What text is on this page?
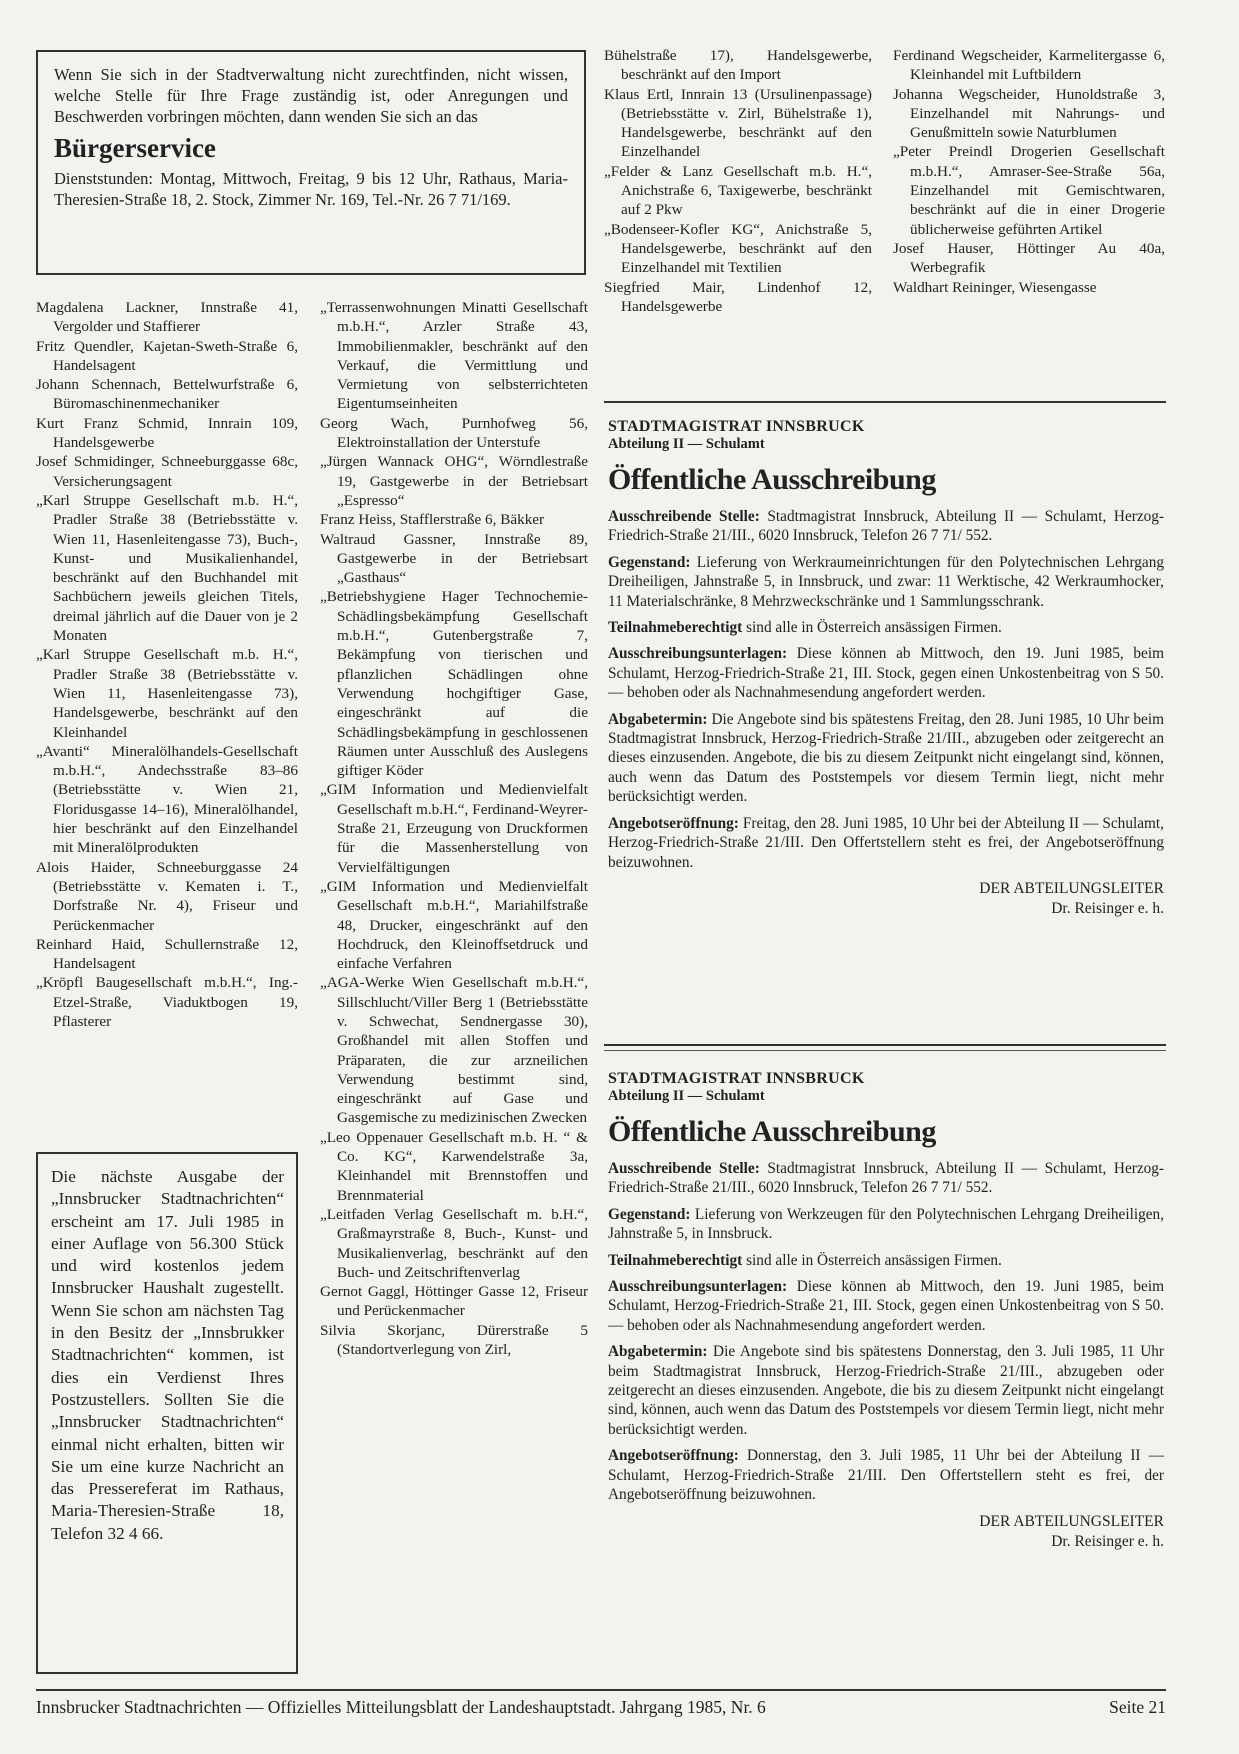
Wenn Sie sich in der Stadtverwaltung nicht zurechtfinden, nicht wissen, welche Stelle für Ihre Frage zuständig ist, oder Anregungen und Beschwerden vorbringen möchten, dann wenden Sie sich an das
Bürgerservice
Dienststunden: Montag, Mittwoch, Freitag, 9 bis 12 Uhr, Rathaus, Maria-Theresien-Straße 18, 2. Stock, Zimmer Nr. 169, Tel.-Nr. 26 7 71/169.
Magdalena Lackner, Innstraße 41, Vergolder und Staffierer
Fritz Quendler, Kajetan-Sweth-Straße 6, Handelsagent
Johann Schennach, Bettelwurfstraße 6, Büromaschinenmechaniker
Kurt Franz Schmid, Innrain 109, Handelsgewerbe
Josef Schmidinger, Schneeburggasse 68c, Versicherungsagent
„Karl Struppe Gesellschaft m.b. H.“, Pradler Straße 38 (Betriebsstätte v. Wien 11, Hasenleitengasse 73), Buch-, Kunst- und Musikalienhandel, beschränkt auf den Buchhandel mit Sachbüchern jeweils gleichen Titels, dreimal jährlich auf die Dauer von je 2 Monaten
„Karl Struppe Gesellschaft m.b. H.“, Pradler Straße 38 (Betriebsstätte v. Wien 11, Hasenleitengasse 73), Handelsgewerbe, beschränkt auf den Kleinhandel
„Avanti“ Mineralölhandels-Gesellschaft m.b.H.“, Andechsstraße 83–86 (Betriebsstätte v. Wien 21, Floridusgasse 14–16), Mineralölhandel, hier beschränkt auf den Einzelhandel mit Mineralölprodukten
Alois Haider, Schneeburggasse 24 (Betriebsstätte v. Kematen i. T., Dorfstraße Nr. 4), Friseur und Perückenmacher
Reinhard Haid, Schullernstraße 12, Handelsagent
„Kröpfl Baugesellschaft m.b.H.“, Ing.-Etzel-Straße, Viaduktbogen 19, Pflasterer
Die nächste Ausgabe der „Innsbrucker Stadtnachrichten“ erscheint am 17. Juli 1985 in einer Auflage von 56.300 Stück und wird kostenlos jedem Innsbrucker Haushalt zugestellt. Wenn Sie schon am nächsten Tag in den Besitz der „Innsbrukker Stadtnachrichten“ kommen, ist dies ein Verdienst Ihres Postzustellers. Sollten Sie die „Innsbrucker Stadtnachrichten“ einmal nicht erhalten, bitten wir Sie um eine kurze Nachricht an das Pressereferat im Rathaus, Maria-Theresien-Straße 18, Telefon 32 4 66.
„Terrassenwohnungen Minatti Gesellschaft m.b.H.“, Arzler Straße 43, Immobilienmakler, beschränkt auf den Verkauf, die Vermittlung und Vermietung von selbsterrichteten Eigentumseinheiten
Georg Wach, Purnhofweg 56, Elektroinstallation der Unterstufe
„Jürgen Wannack OHG“, Wörndlestraße 19, Gastgewerbe in der Betriebsart „Espresso“
Franz Heiss, Stafflerstraße 6, Bäkker
Waltraud Gassner, Innstraße 89, Gastgewerbe in der Betriebsart „Gasthaus“
„Betriebshygiene Hager Technochemie-Schädlingsbekämpfung Gesellschaft m.b.H.“, Gutenbergstraße 7, Bekämpfung von tierischen und pflanzlichen Schädlingen ohne Verwendung hochgiftiger Gase, eingeschränkt auf die Schädlingsbekämpfung in geschlossenen Räumen unter Ausschluß des Auslegens giftiger Köder
„GIM Information und Medienvielfalt Gesellschaft m.b.H.“, Ferdinand-Weyrer-Straße 21, Erzeugung von Druckformen für die Massenherstellung von Vervielfältigungen
„GIM Information und Medienvielfalt Gesellschaft m.b.H.“, Mariahilfstraße 48, Drucker, eingeschränkt auf den Hochdruck, den Kleinoffsetdruck und einfache Verfahren
„AGA-Werke Wien Gesellschaft m.b.H.“, Sillschlucht/Viller Berg 1 (Betriebsstätte v. Schwechat, Sendnergasse 30), Großhandel mit allen Stoffen und Präparaten, die zur arzneilichen Verwendung bestimmt sind, eingeschränkt auf Gase und Gasgemische zu medizinischen Zwecken
„Leo Oppenauer Gesellschaft m.b. H. “ & Co. KG“, Karwendelstraße 3a, Kleinhandel mit Brennstoffen und Brennmaterial
„Leitfaden Verlag Gesellschaft m. b.H.“, Graßmayrstraße 8, Buch-, Kunst- und Musikalienverlag, beschränkt auf den Buch- und Zeitschriftenverlag
Gernot Gaggl, Höttinger Gasse 12, Friseur und Perückenmacher
Silvia Skorjanc, Dürerstraße 5 (Standortverlegung von Zirl,
Bühelstraße 17), Handelsgewerbe, beschränkt auf den Import
Klaus Ertl, Innrain 13 (Ursulinenpassage) (Betriebsstätte v. Zirl, Bühelstraße 1), Handelsgewerbe, beschränkt auf den Einzelhandel
„Felder & Lanz Gesellschaft m.b. H.“, Anichstraße 6, Taxigewerbe, beschränkt auf 2 Pkw
„Bodenseer-Kofler KG“, Anichstraße 5, Handelsgewerbe, beschränkt auf den Einzelhandel mit Textilien
Siegfried Mair, Lindenhof 12, Handelsgewerbe
Ferdinand Wegscheider, Karmelitergasse 6, Kleinhandel mit Luftbildern
Johanna Wegscheider, Hunoldstraße 3, Einzelhandel mit Nahrungs- und Genußmitteln sowie Naturblumen
„Peter Preindl Drogerien Gesellschaft m.b.H.“, Amraser-See-Straße 56a, Einzelhandel mit Gemischtwaren, beschränkt auf die in einer Drogerie üblicherweise geführten Artikel
Josef Hauser, Höttinger Au 40a, Werbegrafik
Waldhart Reininger, Wiesengasse
STADTMAGISTRAT INNSBRUCK
Abteilung II — Schulamt
Öffentliche Ausschreibung

Ausschreibende Stelle: Stadtmagistrat Innsbruck, Abteilung II — Schulamt, Herzog-Friedrich-Straße 21/III., 6020 Innsbruck, Telefon 26 7 71/ 552.

Gegenstand: Lieferung von Werkraumeinrichtungen für den Polytechnischen Lehrgang Dreiheiligen, Jahnstraße 5, in Innsbruck, und zwar: 11 Werktische, 42 Werkraumhocker, 11 Materialschränke, 8 Mehrzweckschränke und 1 Sammlungsschrank.

Teilnahmeberechtigt sind alle in Österreich ansässigen Firmen.

Ausschreibungsunterlagen: Diese können ab Mittwoch, den 19. Juni 1985, beim Schulamt, Herzog-Friedrich-Straße 21, III. Stock, gegen einen Unkostenbeitrag von S 50.— behoben oder als Nachnahmesendung angefordert werden.

Abgabetermin: Die Angebote sind bis spätestens Freitag, den 28. Juni 1985, 10 Uhr beim Stadtmagistrat Innsbruck, Herzog-Friedrich-Straße 21/III., abzugeben oder zeitgerecht an dieses einzusenden. Angebote, die bis zu diesem Zeitpunkt nicht eingelangt sind, können, auch wenn das Datum des Poststempels vor diesem Termin liegt, nicht mehr berücksichtigt werden.

Angebotseröffnung: Freitag, den 28. Juni 1985, 10 Uhr bei der Abteilung II — Schulamt, Herzog-Friedrich-Straße 21/III. Den Offertstellern steht es frei, der Angebotseröffnung beizuwohnen.

DER ABTEILUNGSLEITER
Dr. Reisinger e. h.
STADTMAGISTRAT INNSBRUCK
Abteilung II — Schulamt
Öffentliche Ausschreibung

Ausschreibende Stelle: Stadtmagistrat Innsbruck, Abteilung II — Schulamt, Herzog-Friedrich-Straße 21/III., 6020 Innsbruck, Telefon 26 7 71/ 552.

Gegenstand: Lieferung von Werkzeugen für den Polytechnischen Lehrgang Dreiheiligen, Jahnstraße 5, in Innsbruck.

Teilnahmeberechtigt sind alle in Österreich ansässigen Firmen.

Ausschreibungsunterlagen: Diese können ab Mittwoch, den 19. Juni 1985, beim Schulamt, Herzog-Friedrich-Straße 21, III. Stock, gegen einen Unkostenbeitrag von S 50.— behoben oder als Nachnahmesendung angefordert werden.

Abgabetermin: Die Angebote sind bis spätestens Donnerstag, den 3. Juli 1985, 11 Uhr beim Stadtmagistrat Innsbruck, Herzog-Friedrich-Straße 21/III., abzugeben oder zeitgerecht an dieses einzusenden. Angebote, die bis zu diesem Zeitpunkt nicht eingelangt sind, können, auch wenn das Datum des Poststempels vor diesem Termin liegt, nicht mehr berücksichtigt werden.

Angebotseröffnung: Donnerstag, den 3. Juli 1985, 11 Uhr bei der Abteilung II — Schulamt, Herzog-Friedrich-Straße 21/III. Den Offertstellern steht es frei, der Angebotseröffnung beizuwohnen.

DER ABTEILUNGSLEITER
Dr. Reisinger e. h.
Innsbrucker Stadtnachrichten — Offizielles Mitteilungsblatt der Landeshauptstadt. Jahrgang 1985, Nr. 6	Seite 21
